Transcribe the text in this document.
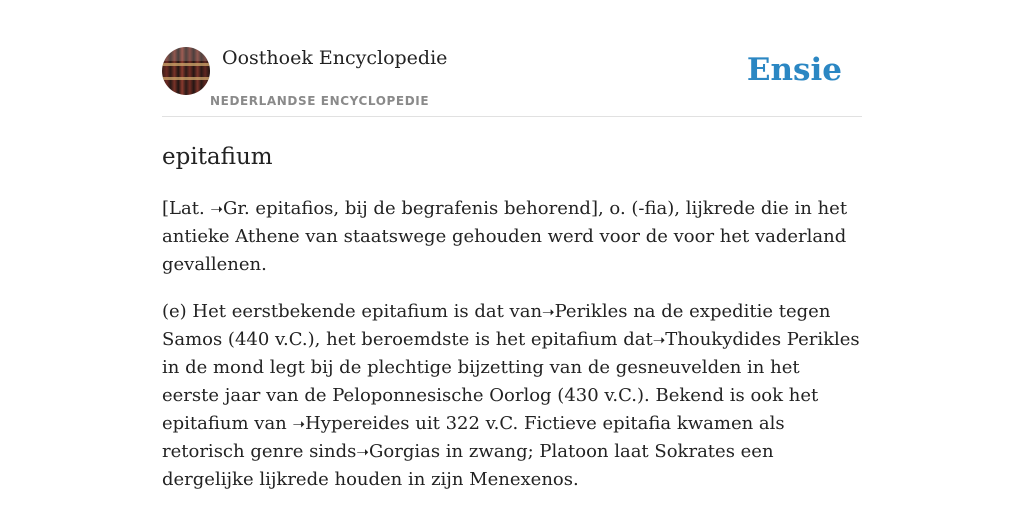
Oosthoek Encyclopedie
NEDERLANDSE ENCYCLOPEDIE
Ensie
epitafium

[Lat. ➝Gr. epitafios, bij de begrafenis behorend], o. (-fia), lijkrede die in het antieke Athene van staatswege gehouden werd voor de voor het vaderland gevallenen.

(e) Het eerstbekende epitafium is dat van➝Perikles na de expeditie tegen Samos (440 v.C.), het beroemdste is het epitafium dat➝Thoukydides Perikles in de mond legt bij de plechtige bijzetting van de gesneuvelden in het eerste jaar van de Peloponnesische Oorlog (430 v.C.). Bekend is ook het epitafium van ➝Hypereides uit 322 v.C. Fictieve epitafia kwamen als retorisch genre sinds➝Gorgias in zwang; Platoon laat Sokrates een dergelijke lijkrede houden in zijn Menexenos.
